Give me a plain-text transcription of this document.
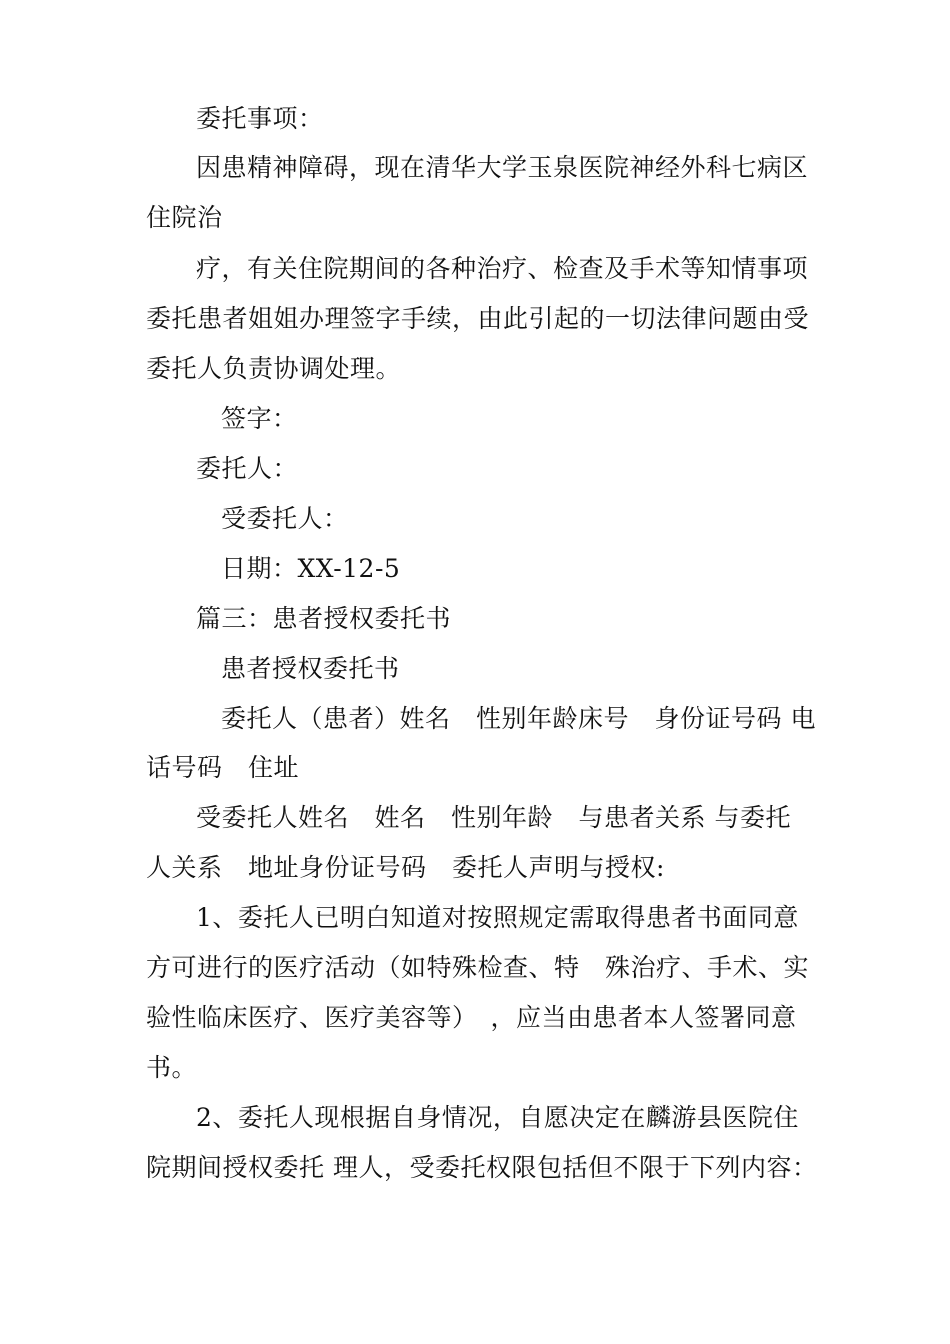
委托事项：
因患精神障碍，现在清华大学玉泉医院神经外科七病区
住院治
疗，有关住院期间的各种治疗、检查及手术等知情事项
委托患者姐姐办理签字手续，由此引起的一切法律问题由受
委托人负责协调处理。
签字：
委托人：
受委托人：
日期：XX-12-5
篇三：患者授权委托书
患者授权委托书
委托人（患者）姓名　性别年龄床号　身份证号码 电
话号码　住址
受委托人姓名　姓名　性别年龄　与患者关系 与委托
人关系　地址身份证号码　委托人声明与授权:
1、委托人已明白知道对按照规定需取得患者书面同意
方可进行的医疗活动（如特殊检查、特　殊治疗、手术、实
验性临床医疗、医疗美容等）　，应当由患者本人签署同意
书。
2、委托人现根据自身情况，自愿决定在麟游县医院住
院期间授权委托 理人，受委托权限包括但不限于下列内容：
